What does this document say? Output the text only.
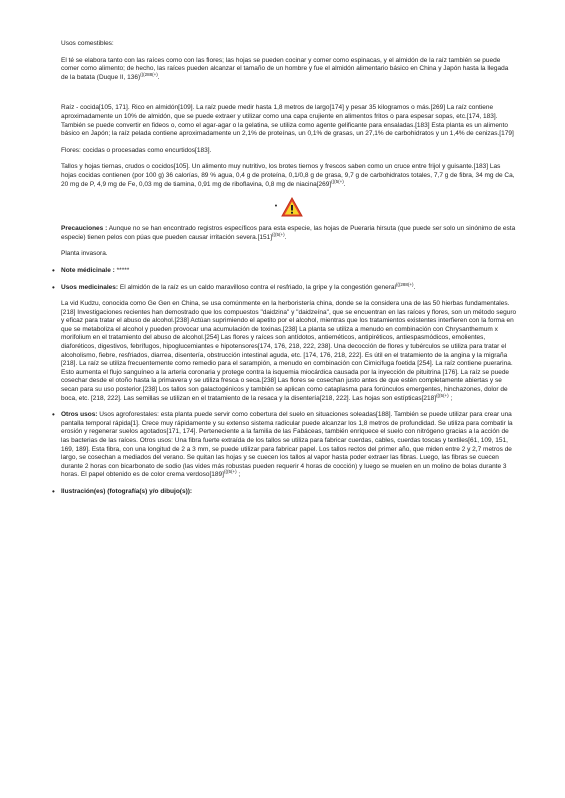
Usos comestibles:

El té se elabora tanto con las raíces como con las flores; las hojas se pueden cocinar y comer como espinacas, y el almidón de la raíz también se puede comer como alimento; de hecho, las raíces pueden alcanzar el tamaño de un hombre y fue el almidón alimentario básico en China y Japón hasta la llegada de la batata (Duque II, 136)$^{(((288(+)}$.

Raíz - cocida[105, 171]. Rico en almidón[109]. La raíz puede medir hasta 1,8 metros de largo[174] y pesar 35 kilogramos o más.[269] La raíz contiene aproximadamente un 10% de almidón, que se puede extraer y utilizar como una capa crujiente en alimentos fritos o para espesar sopas, etc.[174, 183]. También se puede convertir en fideos o, como el agar-agar o la gelatina, se utiliza como agente gelificante para ensaladas.[183] Esta planta es un alimento básico en Japón; la raíz pelada contiene aproximadamente un 2,1% de proteínas, un 0,1% de grasas, un 27,1% de carbohidratos y un 1,4% de cenizas.[179]

Flores: cocidas o procesadas como encurtidos[183].

Tallos y hojas tiernas, crudos o cocidos[105]. Un alimento muy nutritivo, los brotes tiernos y frescos saben como un cruce entre frijol y guisante.[183] Las hojas cocidas contienen (por 100 g) 36 calorías, 89 % agua, 0,4 g de proteína, 0,1/0,8 g de grasa, 9,7 g de carbohidratos totales, 7,7 g de fibra, 34 mg de Ca, 20 mg de P, 4,9 mg de Fe, 0,03 mg de tiamina, 0,91 mg de riboflavina, 0,8 mg de $niacina[269]^{(((5(+)}$.

•

Precauciones : Aunque no se han encontrado registros específicos para esta especie, las hojas de Pueraria hirsuta (que puede ser solo un sinónimo de esta especie) tienen pelos con púas que pueden causar irritación $severa.[151]^{(((5(+)}$.

Planta invasora.

• Note médicinale : *****
• Usos medicinales: El almidón de la raíz es un caldo maravilloso contra el resfriado, la gripe y la congestión general$^{(((288(+)}$.

La vid Kudzu, conocida como Ge Gen en China, se usa comúnmente en la herboristería china, donde se la considera una de las 50 hierbas fundamentales.[218] Investigaciones recientes han demostrado que los compuestos "daidzina" y "daidzeína", que se encuentran en las raíces y flores, son un método seguro y eficaz para tratar el abuso de alcohol.[238] Actúan suprimiendo el apetito por el alcohol, mientras que los tratamientos existentes interfieren con la forma en que se metaboliza el alcohol y pueden provocar una acumulación de toxinas.[238] La planta se utiliza a menudo en combinación con Chrysanthemum x morifolium en el tratamiento del abuso de alcohol.[254] Las flores y raíces son antídotos, antieméticos, antipiréticos, antiespasmódicos, emolientes, diaforéticos, digestivos, febrífugos, hipoglucemiantes e hipotensores[174, 176, 218, 222, 238]. Una decocción de flores y tubérculos se utiliza para tratar el alcoholismo, fiebre, resfriados, diarrea, disentería, obstrucción intestinal aguda, etc. [174, 176, 218, 222]. Es útil en el tratamiento de la angina y la migraña [218]. La raíz se utiliza frecuentemente como remedio para el sarampión, a menudo en combinación con Cimicifuga foetida [254]. La raíz contiene puerarina. Esto aumenta el flujo sanguíneo a la arteria coronaria y protege contra la isquemia miocárdica causada por la inyección de pituitrina [176]. La raíz se puede cosechar desde el otoño hasta la primavera y se utiliza fresca o seca.[238] Las flores se cosechan justo antes de que estén completamente abiertas y se secan para su uso posterior.[238] Los tallos son galactogénicos y también se aplican como cataplasma para forúnculos emergentes, hinchazones, dolor de boca, etc. [218, 222]. Las semillas se utilizan en el tratamiento de la resaca y la disentería[218, 222]. Las hojas son $estípticas[218]^{(((5(+)}$ ;

• Otros usos: Usos agroforestales: esta planta puede servir como cobertura del suelo en situaciones soleadas[188]. También se puede utilizar para crear una pantalla temporal rápida[1]. Crece muy rápidamente y su extenso sistema radicular puede alcanzar los 1,8 metros de profundidad. Se utiliza para combatir la erosión y regenerar suelos agotados[171, 174]. Perteneciente a la familia de las Fabáceas, también enriquece el suelo con nitrógeno gracias a la acción de las bacterias de las raíces. Otros usos: Una fibra fuerte extraída de los tallos se utiliza para fabricar cuerdas, cables, cuerdas toscas y textiles[61, 109, 151, 169, 189]. Esta fibra, con una longitud de 2 a 3 mm, se puede utilizar para fabricar papel. Los tallos rectos del primer año, que miden entre 2 y 2,7 metros de largo, se cosechan a mediados del verano. Se quitan las hojas y se cuecen los tallos al vapor hasta poder extraer las fibras. Luego, las fibras se cuecen durante 2 horas con bicarbonato de sodio (las vides más robustas pueden requerir 4 horas de cocción) y luego se muelen en un molino de bolas durante 3 horas. El papel obtenido es de color crema $verdoso[189]^{(((5(+)}$ ;
• Ilustración(es) (fotografía(s) y/o dibujo(s)):
